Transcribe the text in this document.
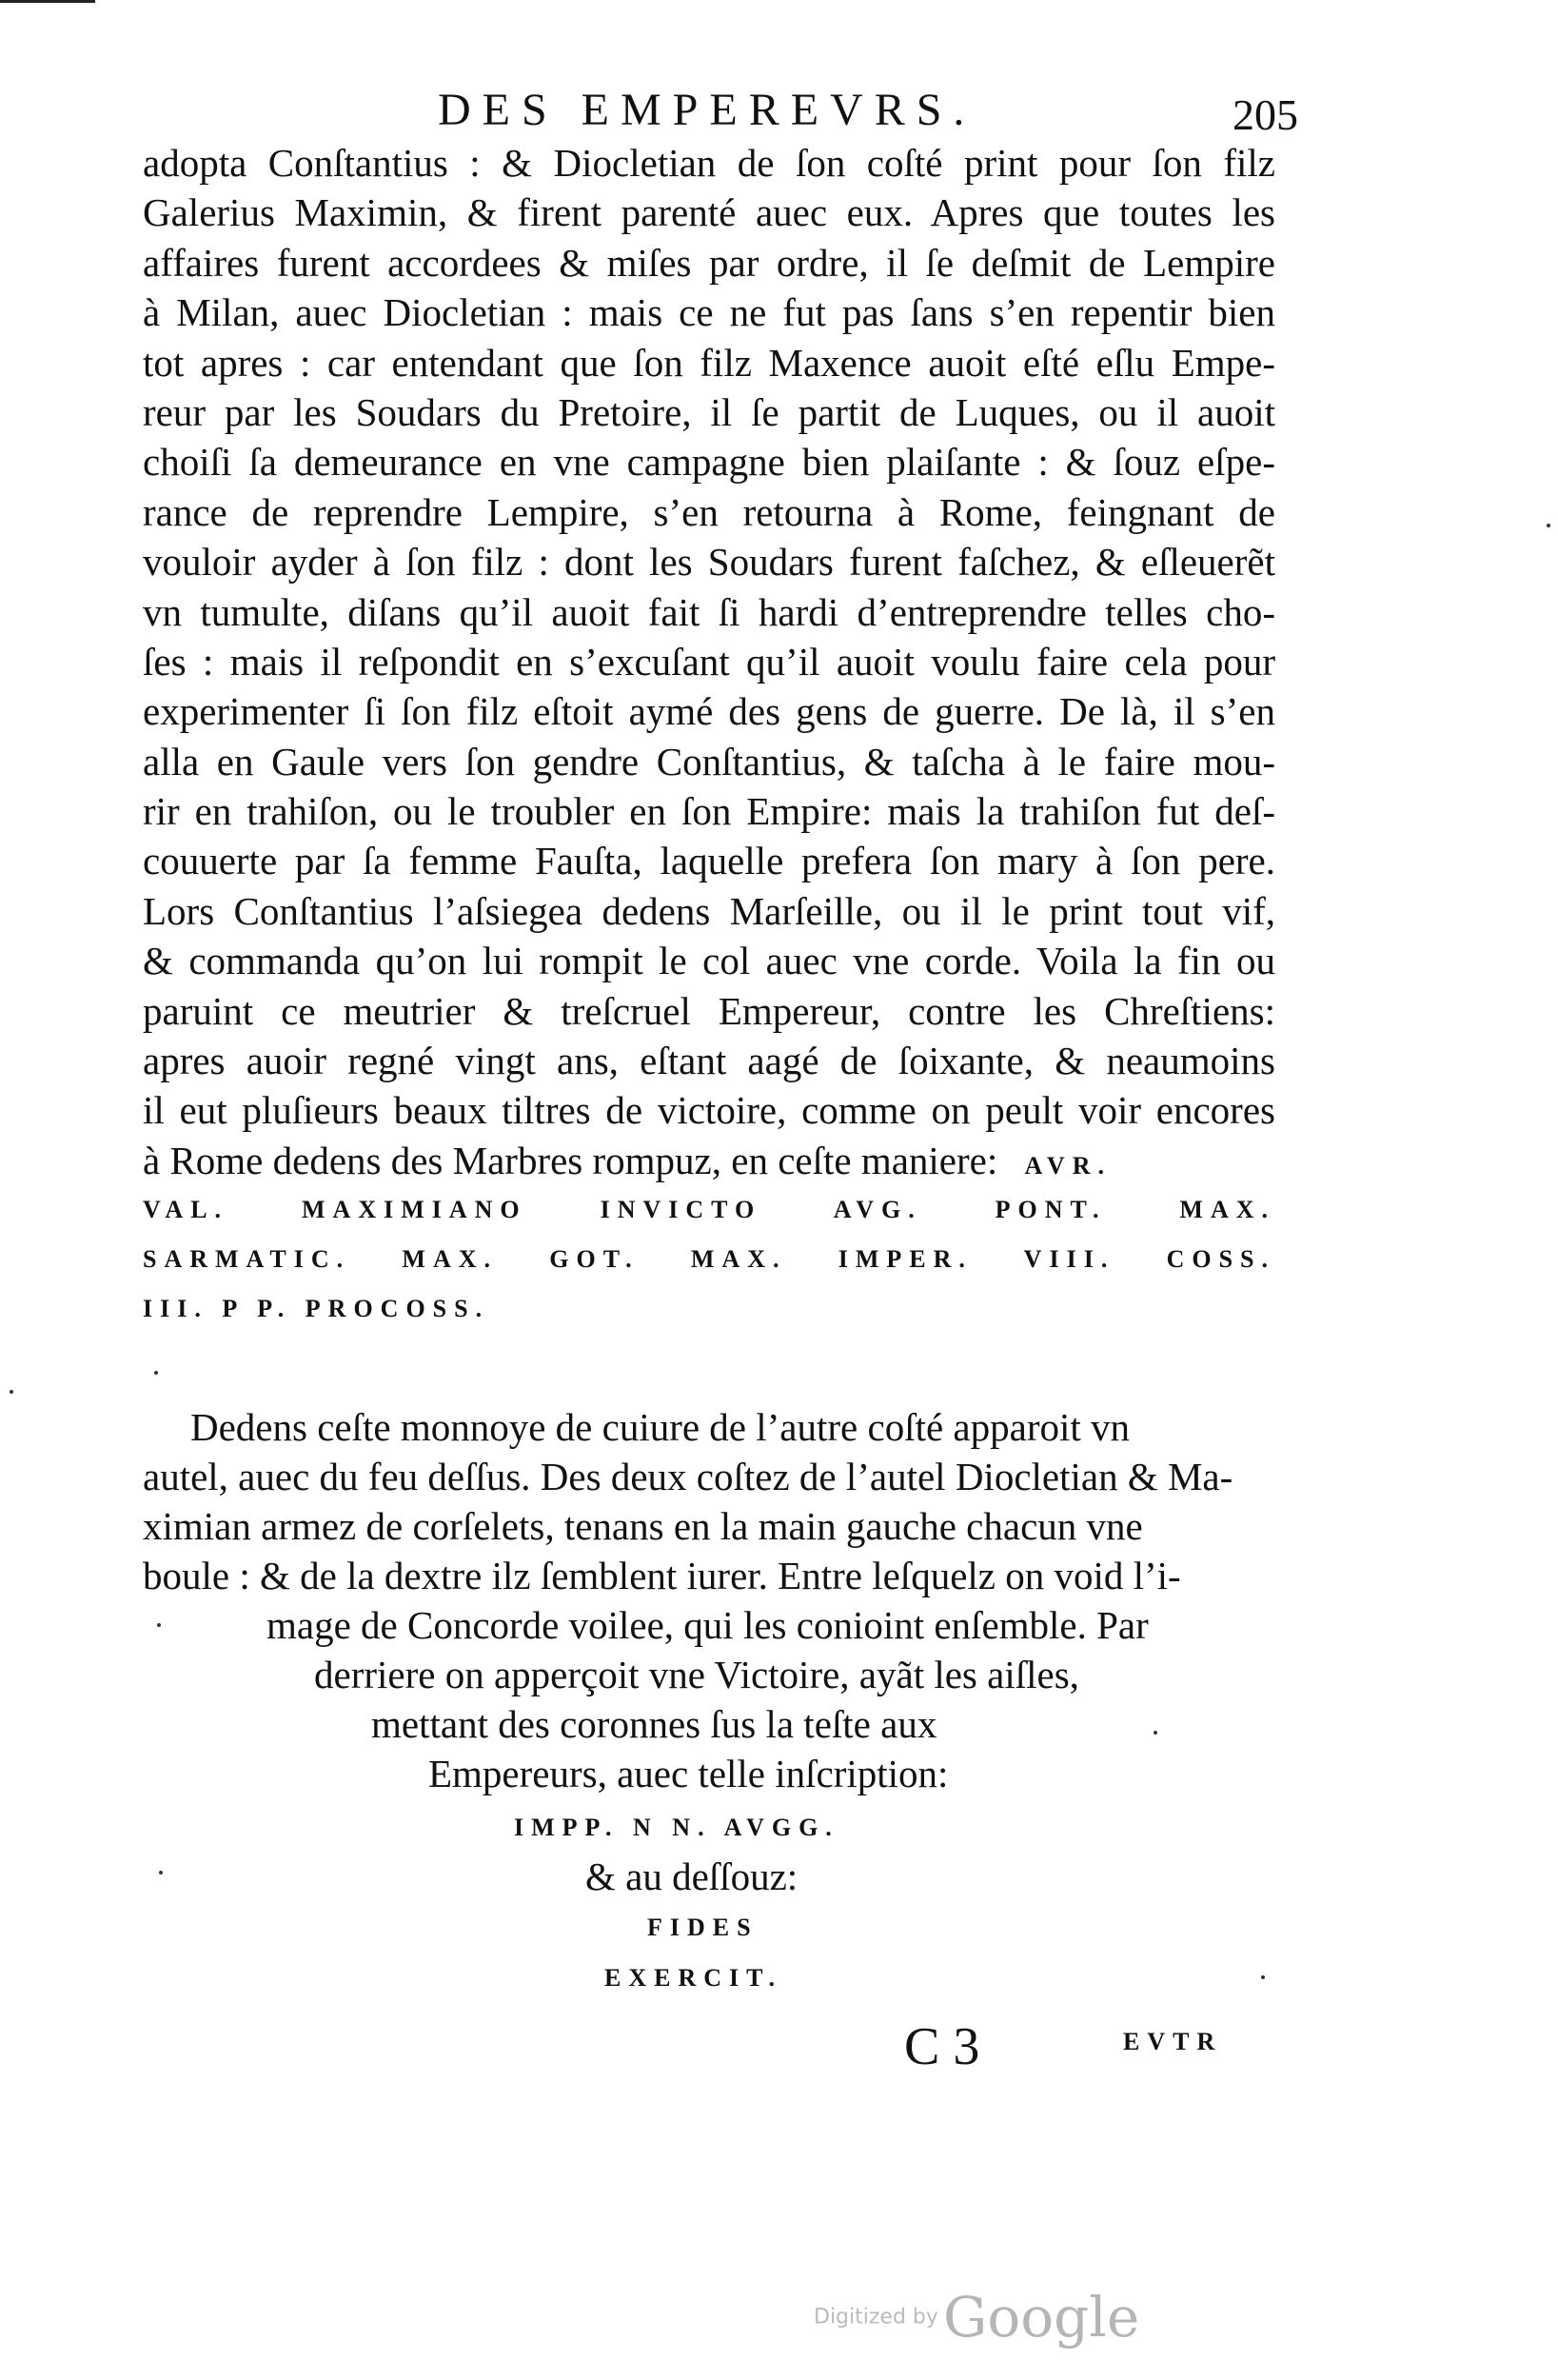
DES EMPEREVRS.	205
adopta Conſtantius : & Diocletian de ſon coſté print pour ſon filz
Galerius Maximin, & firent parenté auec eux. Apres que toutes les
affaires furent accordees & miſes par ordre, il ſe deſmit de Lempire
à Milan, auec Diocletian : mais ce ne fut pas ſans s’en repentir bien
tot apres : car entendant que ſon filz Maxence auoit eſté eſlu Empe-
reur par les Soudars du Pretoire, il ſe partit de Luques, ou il auoit
choiſi ſa demeurance en vne campagne bien plaiſante : & ſouz eſpe-
rance de reprendre Lempire, s’en retourna à Rome, feingnant de
vouloir ayder à ſon filz : dont les Soudars furent faſchez, & eſleuerẽt
vn tumulte, diſans qu’il auoit fait ſi hardi d’entreprendre telles cho-
ſes : mais il reſpondit en s’excuſant qu’il auoit voulu faire cela pour
experimenter ſi ſon filz eſtoit aymé des gens de guerre. De là, il s’en
alla en Gaule vers ſon gendre Conſtantius, & taſcha à le faire mou-
rir en trahiſon, ou le troubler en ſon Empire: mais la trahiſon fut deſ-
couuerte par ſa femme Fauſta, laquelle prefera ſon mary à ſon pere.
Lors Conſtantius l’aſsiegea dedens Marſeille, ou il le print tout vif,
& commanda qu’on lui rompit le col auec vne corde. Voila la fin ou
paruint ce meutrier & treſcruel Empereur, contre les Chreſtiens:
apres auoir regné vingt ans, eſtant aagé de ſoixante, & neaumoins
il eut pluſieurs beaux tiltres de victoire, comme on peult voir encores
à Rome dedens des Marbres rompuz, en ceſte maniere: AVR.
VAL. MAXIMIANO INVICTO AVG. PONT. MAX.
SARMATIC. MAX. GOT. MAX. IMPER. VIII. COSS.
III. P P. PROCOSS.
Dedens ceſte monnoye de cuiure de l’autre coſté apparoit vn
autel, auec du feu deſſus. Des deux coſtez de l’autel Diocletian & Ma-
ximian armez de corſelets, tenans en la main gauche chacun vne
boule : & de la dextre ilz ſemblent iurer. Entre leſquelz on void l’i-
mage de Concorde voilee, qui les conioint enſemble. Par
derriere on apperçoit vne Victoire, ayãt les aiſles,
mettant des coronnes ſus la teſte aux
Empereurs, auec telle inſcription:
IMPP. N N. AVGG.
& au deſſouz:
FIDES
EXERCIT.
C 3	EVTR
Digitized by Google
